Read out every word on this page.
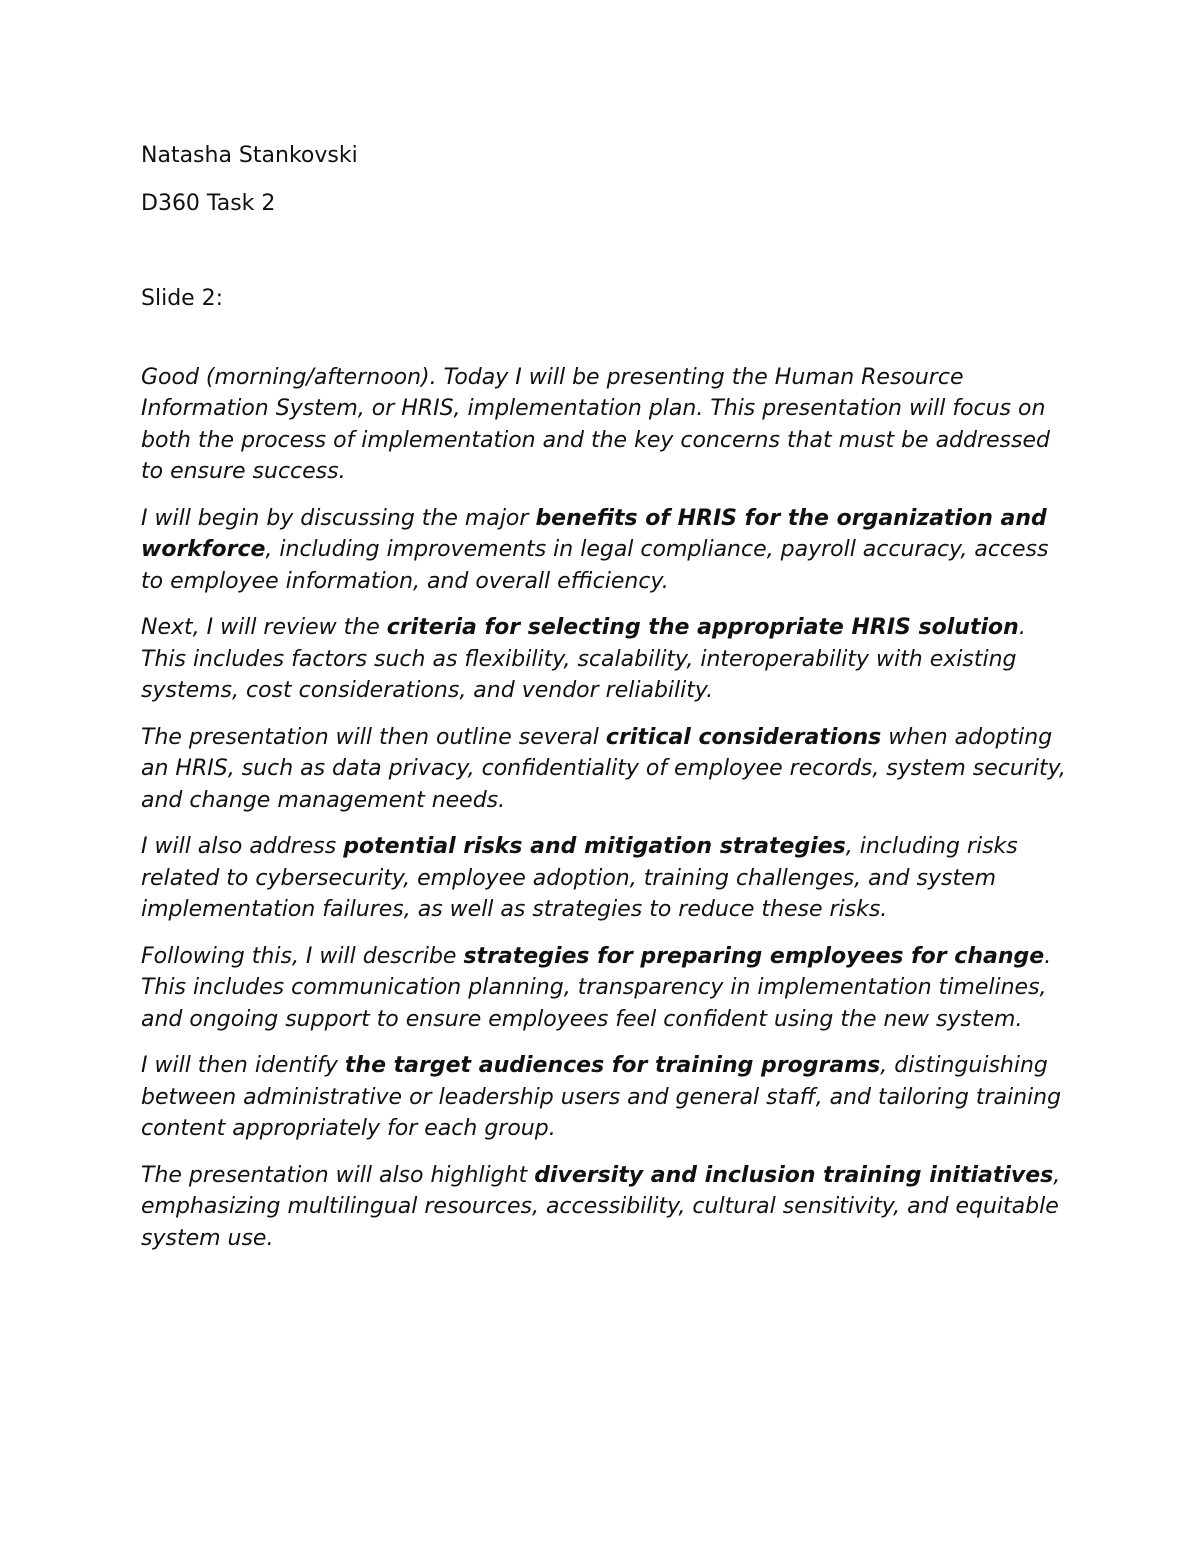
Natasha Stankovski

D360 Task 2

Slide 2:

Good (morning/afternoon). Today I will be presenting the Human Resource Information System, or HRIS, implementation plan. This presentation will focus on both the process of implementation and the key concerns that must be addressed to ensure success.

I will begin by discussing the major benefits of HRIS for the organization and workforce, including improvements in legal compliance, payroll accuracy, access to employee information, and overall efficiency.

Next, I will review the criteria for selecting the appropriate HRIS solution. This includes factors such as flexibility, scalability, interoperability with existing systems, cost considerations, and vendor reliability.

The presentation will then outline several critical considerations when adopting an HRIS, such as data privacy, confidentiality of employee records, system security, and change management needs.

I will also address potential risks and mitigation strategies, including risks related to cybersecurity, employee adoption, training challenges, and system implementation failures, as well as strategies to reduce these risks.

Following this, I will describe strategies for preparing employees for change. This includes communication planning, transparency in implementation timelines, and ongoing support to ensure employees feel confident using the new system.

I will then identify the target audiences for training programs, distinguishing between administrative or leadership users and general staff, and tailoring training content appropriately for each group.

The presentation will also highlight diversity and inclusion training initiatives, emphasizing multilingual resources, accessibility, cultural sensitivity, and equitable system use.
